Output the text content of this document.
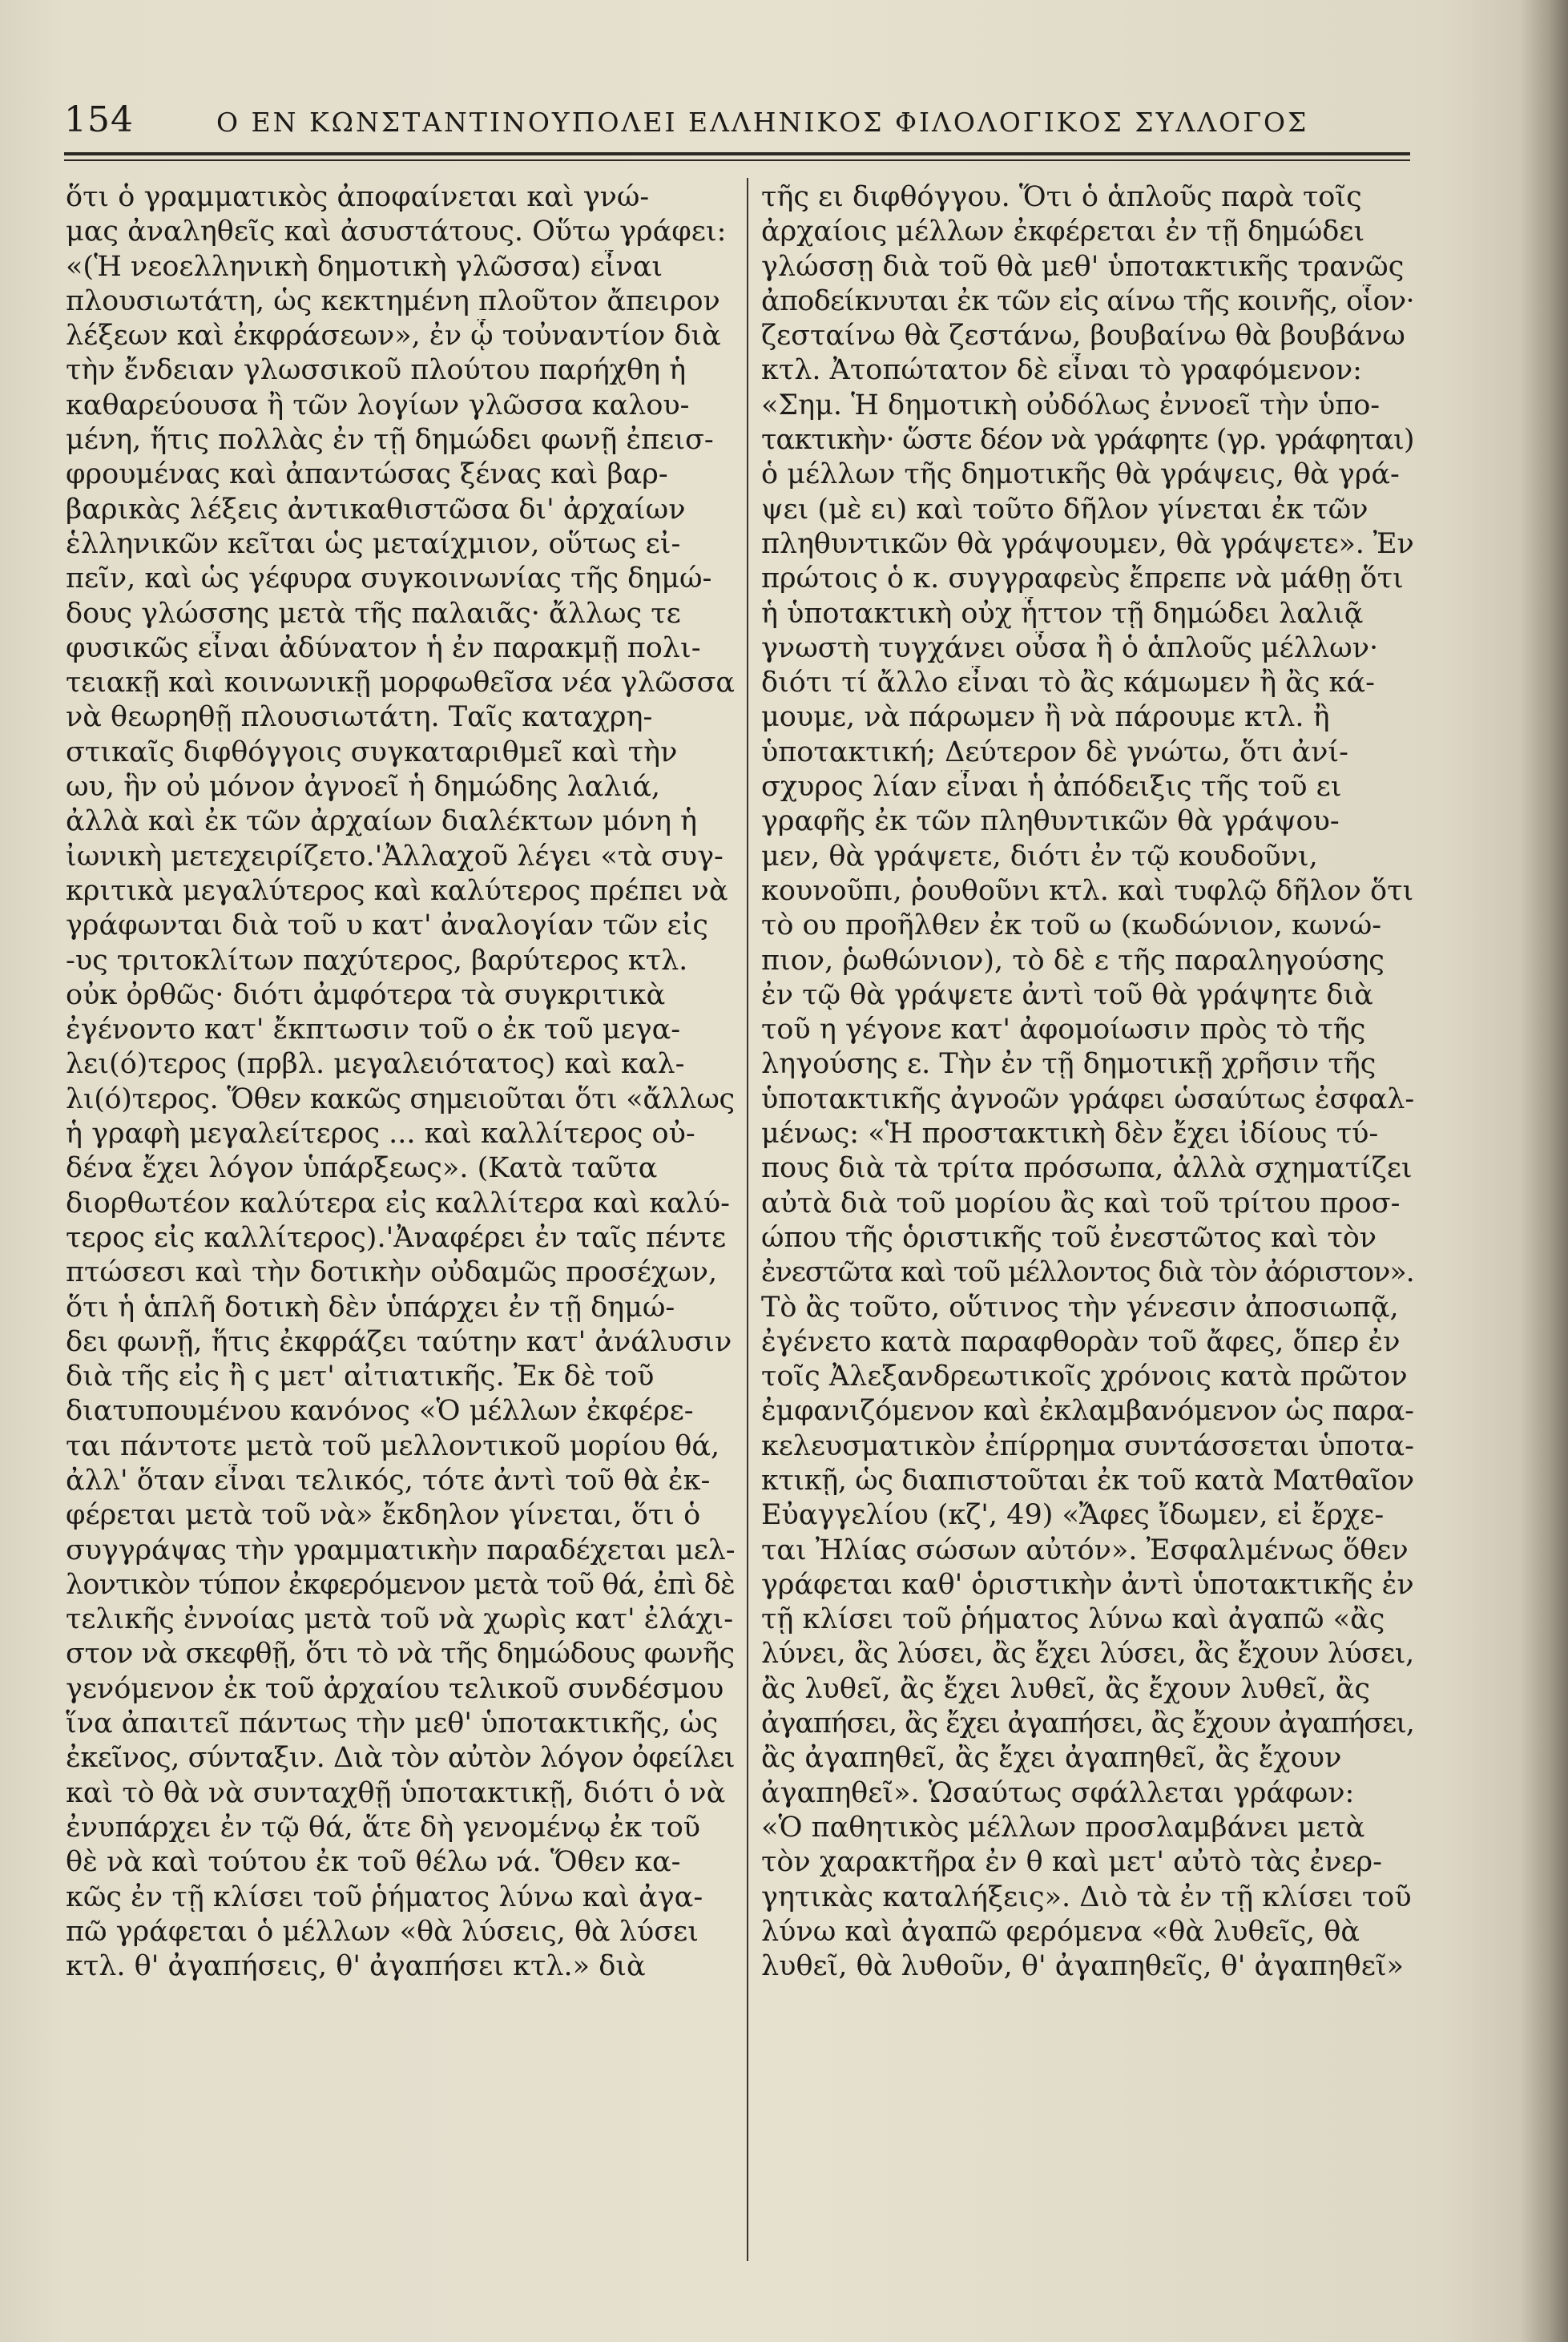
154	Ο ΕΝ ΚΩΝΣΤΑΝΤΙΝΟΥΠΟΛΕΙ ΕΛΛΗΝΙΚΟΣ ΦΙΛΟΛΟΓΙΚΟΣ ΣΥΛΛΟΓΟΣ
ὅτι ὁ γραμματικὸς ἀποφαίνεται καὶ γνώ-
μας ἀναληθεῖς καὶ ἀσυστάτους. Οὕτω γράφει:
«(Ἡ νεοελληνικὴ δημοτικὴ γλῶσσα) εἶναι
πλουσιωτάτη, ὡς κεκτημένη πλοῦτον ἄπειρον
λέξεων καὶ ἐκφράσεων», ἐν ᾧ τοὐναντίον διὰ
τὴν ἔνδειαν γλωσσικοῦ πλούτου παρήχθη ἡ
καθαρεύουσα ἢ τῶν λογίων γλῶσσα καλου-
μένη, ἥτις πολλὰς ἐν τῇ δημώδει φωνῇ ἐπεισ-
φρουμένας καὶ ἀπαντώσας ξένας καὶ βαρ-
βαρικὰς λέξεις ἀντικαθιστῶσα δι' ἀρχαίων
ἑλληνικῶν κεῖται ὡς μεταίχμιον, οὕτως εἰ-
πεῖν, καὶ ὡς γέφυρα συγκοινωνίας τῆς δημώ-
δους γλώσσης μετὰ τῆς παλαιᾶς· ἄλλως τε
φυσικῶς εἶναι ἀδύνατον ἡ ἐν παρακμῇ πολι-
τειακῇ καὶ κοινωνικῇ μορφωθεῖσα νέα γλῶσσα
νὰ θεωρηθῇ πλουσιωτάτη. Ταῖς καταχρη-
στικαῖς διφθόγγοις συγκαταριθμεῖ καὶ τὴν
ωυ, ἣν οὐ μόνον ἀγνοεῖ ἡ δημώδης λαλιά,
ἀλλὰ καὶ ἐκ τῶν ἀρχαίων διαλέκτων μόνη ἡ
ἰωνικὴ μετεχειρίζετο.'Ἀλλαχοῦ λέγει «τὰ συγ-
κριτικὰ μεγαλύτερος καὶ καλύτερος πρέπει νὰ
γράφωνται διὰ τοῦ υ κατ' ἀναλογίαν τῶν εἰς
-υς τριτοκλίτων παχύτερος, βαρύτερος κτλ.
οὐκ ὀρθῶς· διότι ἀμφότερα τὰ συγκριτικὰ
ἐγένοντο κατ' ἔκπτωσιν τοῦ ο ἐκ τοῦ μεγα-
λει(ό)τερος (πρβλ. μεγαλειότατος) καὶ καλ-
λι(ό)τερος. Ὅθεν κακῶς σημειοῦται ὅτι «ἄλλως
ἡ γραφὴ μεγαλείτερος ... καὶ καλλίτερος οὐ-
δένα ἔχει λόγον ὑπάρξεως». (Κατὰ ταῦτα
διορθωτέον καλύτερα εἰς καλλίτερα καὶ καλύ-
τερος εἰς καλλίτερος).'Ἀναφέρει ἐν ταῖς πέντε
πτώσεσι καὶ τὴν δοτικὴν οὐδαμῶς προσέχων,
ὅτι ἡ ἁπλῆ δοτικὴ δὲν ὑπάρχει ἐν τῇ δημώ-
δει φωνῇ, ἥτις ἐκφράζει ταύτην κατ' ἀνάλυσιν
διὰ τῆς εἰς ἢ ς μετ' αἰτιατικῆς. Ἐκ δὲ τοῦ
διατυπουμένου κανόνος «Ὁ μέλλων ἐκφέρε-
ται πάντοτε μετὰ τοῦ μελλοντικοῦ μορίου θά,
ἀλλ' ὅταν εἶναι τελικός, τότε ἀντὶ τοῦ θὰ ἐκ-
φέρεται μετὰ τοῦ νὰ» ἔκδηλον γίνεται, ὅτι ὁ
συγγράψας τὴν γραμματικὴν παραδέχεται μελ-
λοντικὸν τύπον ἐκφερόμενον μετὰ τοῦ θά, ἐπὶ δὲ
τελικῆς ἐννοίας μετὰ τοῦ νὰ χωρὶς κατ' ἐλάχι-
στον νὰ σκεφθῇ, ὅτι τὸ νὰ τῆς δημώδους φωνῆς
γενόμενον ἐκ τοῦ ἀρχαίου τελικοῦ συνδέσμου
ἵνα ἀπαιτεῖ πάντως τὴν μεθ' ὑποτακτικῆς, ὡς
ἐκεῖνος, σύνταξιν. Διὰ τὸν αὐτὸν λόγον ὀφείλει
καὶ τὸ θὰ νὰ συνταχθῇ ὑποτακτικῇ, διότι ὁ νὰ
ἐνυπάρχει ἐν τῷ θά, ἅτε δὴ γενομένῳ ἐκ τοῦ
θὲ νὰ καὶ τούτου ἐκ τοῦ θέλω νά. Ὅθεν κα-
κῶς ἐν τῇ κλίσει τοῦ ῥήματος λύνω καὶ ἀγα-
πῶ γράφεται ὁ μέλλων «θὰ λύσεις, θὰ λύσει
κτλ. θ' ἀγαπήσεις, θ' ἀγαπήσει κτλ.» διὰ
τῆς ει διφθόγγου. Ὅτι ὁ ἁπλοῦς παρὰ τοῖς
ἀρχαίοις μέλλων ἐκφέρεται ἐν τῇ δημώδει
γλώσσῃ διὰ τοῦ θὰ μεθ' ὑποτακτικῆς τρανῶς
ἀποδείκνυται ἐκ τῶν εἰς αίνω τῆς κοινῆς, οἷον·
ζεσταίνω θὰ ζεστάνω, βουβαίνω θὰ βουβάνω
κτλ. Ἀτοπώτατον δὲ εἶναι τὸ γραφόμενον:
«Σημ. Ἡ δημοτικὴ οὐδόλως ἐννοεῖ τὴν ὑπο-
τακτικὴν· ὥστε δέον νὰ γράφητε (γρ. γράφηται)
ὁ μέλλων τῆς δημοτικῆς θὰ γράψεις, θὰ γρά-
ψει (μὲ ει) καὶ τοῦτο δῆλον γίνεται ἐκ τῶν
πληθυντικῶν θὰ γράψουμεν, θὰ γράψετε». Ἐν
πρώτοις ὁ κ. συγγραφεὺς ἔπρεπε νὰ μάθῃ ὅτι
ἡ ὑποτακτικὴ οὐχ ἧττον τῇ δημώδει λαλιᾷ
γνωστὴ τυγχάνει οὖσα ἢ ὁ ἁπλοῦς μέλλων·
διότι τί ἄλλο εἶναι τὸ ἂς κάμωμεν ἢ ἂς κά-
μουμε, νὰ πάρωμεν ἢ νὰ πάρουμε κτλ. ἢ
ὑποτακτική; Δεύτερον δὲ γνώτω, ὅτι ἀνί-
σχυρος λίαν εἶναι ἡ ἀπόδειξις τῆς τοῦ ει
γραφῆς ἐκ τῶν πληθυντικῶν θὰ γράψου-
μεν, θὰ γράψετε, διότι ἐν τῷ κουδοῦνι,
κουνοῦπι, ῥουθοῦνι κτλ. καὶ τυφλῷ δῆλον ὅτι
τὸ ου προῆλθεν ἐκ τοῦ ω (κωδώνιον, κωνώ-
πιον, ῥωθώνιον), τὸ δὲ ε τῆς παραληγούσης
ἐν τῷ θὰ γράψετε ἀντὶ τοῦ θὰ γράψητε διὰ
τοῦ η γέγονε κατ' ἀφομοίωσιν πρὸς τὸ τῆς
ληγούσης ε. Τὴν ἐν τῇ δημοτικῇ χρῆσιν τῆς
ὑποτακτικῆς ἀγνοῶν γράφει ὡσαύτως ἐσφαλ-
μένως: «Ἡ προστακτικὴ δὲν ἔχει ἰδίους τύ-
πους διὰ τὰ τρίτα πρόσωπα, ἀλλὰ σχηματίζει
αὐτὰ διὰ τοῦ μορίου ἂς καὶ τοῦ τρίτου προσ-
ώπου τῆς ὁριστικῆς τοῦ ἐνεστῶτος καὶ τὸν
ἐνεστῶτα καὶ τοῦ μέλλοντος διὰ τὸν ἀόριστον».
Τὸ ἂς τοῦτο, οὕτινος τὴν γένεσιν ἀποσιωπᾷ,
ἐγένετο κατὰ παραφθορὰν τοῦ ἄφες, ὅπερ ἐν
τοῖς Ἀλεξανδρεωτικοῖς χρόνοις κατὰ πρῶτον
ἐμφανιζόμενον καὶ ἐκλαμβανόμενον ὡς παρα-
κελευσματικὸν ἐπίρρημα συντάσσεται ὑποτα-
κτικῇ, ὡς διαπιστοῦται ἐκ τοῦ κατὰ Ματθαῖον
Εὐαγγελίου (κζ', 49) «Ἄφες ἴδωμεν, εἰ ἔρχε-
ται Ἠλίας σώσων αὐτόν». Ἐσφαλμένως ὅθεν
γράφεται καθ' ὁριστικὴν ἀντὶ ὑποτακτικῆς ἐν
τῇ κλίσει τοῦ ῥήματος λύνω καὶ ἀγαπῶ «ἂς
λύνει, ἂς λύσει, ἂς ἔχει λύσει, ἂς ἔχουν λύσει,
ἂς λυθεῖ, ἂς ἔχει λυθεῖ, ἂς ἔχουν λυθεῖ, ἂς
ἀγαπήσει, ἂς ἔχει ἀγαπήσει, ἂς ἔχουν ἀγαπήσει,
ἂς ἀγαπηθεῖ, ἂς ἔχει ἀγαπηθεῖ, ἂς ἔχουν
ἀγαπηθεῖ». Ὡσαύτως σφάλλεται γράφων:
«Ὁ παθητικὸς μέλλων προσλαμβάνει μετὰ
τὸν χαρακτῆρα ἐν θ καὶ μετ' αὐτὸ τὰς ἐνερ-
γητικὰς καταλήξεις». Διὸ τὰ ἐν τῇ κλίσει τοῦ
λύνω καὶ ἀγαπῶ φερόμενα «θὰ λυθεῖς, θὰ
λυθεῖ, θὰ λυθοῦν, θ' ἀγαπηθεῖς, θ' ἀγαπηθεῖ»
